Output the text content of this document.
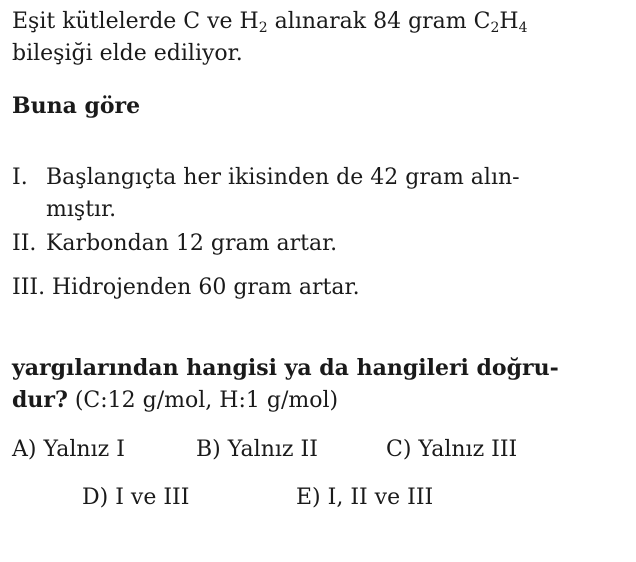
Eşit kütlelerde C ve $H_2$ alınarak 84 gram $C_2H_4$
bileşiği elde ediliyor.
Buna göre
I. Başlangıçta her ikisinden de 42 gram alın-
mıştır.
II. Karbondan 12 gram artar.
III. Hidrojenden 60 gram artar.
yargılarından hangisi ya da hangileri doğru-
dur? (C:12 g/mol, H:1 g/mol)
A) Yalnız I	B) Yalnız II	C) Yalnız III
D) I ve III	E) I, II ve III
